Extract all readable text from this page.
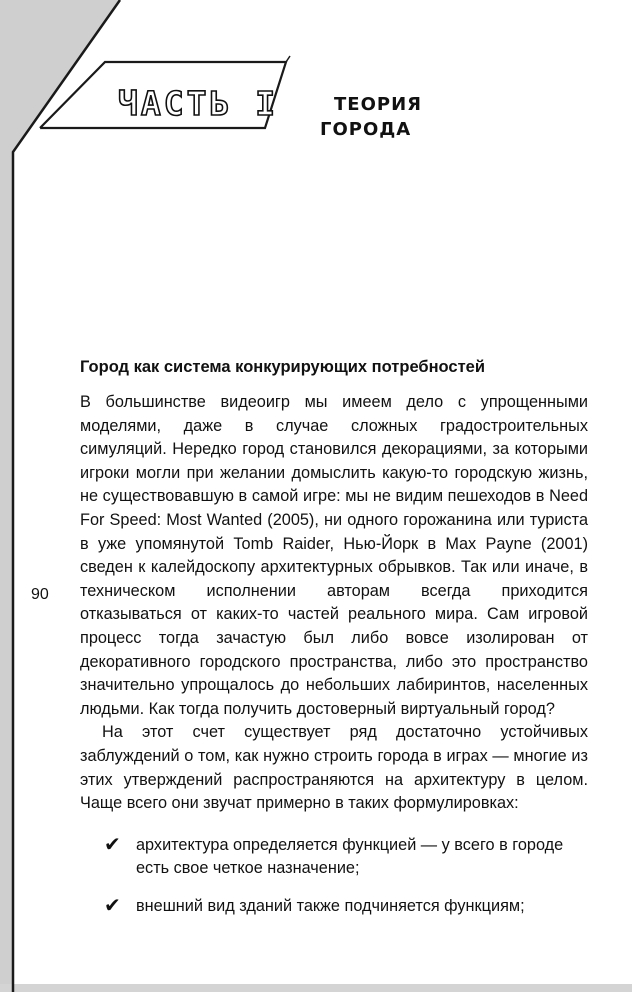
ЧАСТЬ I	ТЕОРИЯ
ГОРОДА
90
Город как система конкурирующих потребностей

В большинстве видеоигр мы имеем дело с упрощенными моделями, даже в случае сложных градостроительных симуляций. Нередко город становился декорациями, за которыми игроки могли при желании домыслить какую-то городскую жизнь, не существовавшую в самой игре: мы не видим пешеходов в Need For Speed: Most Wanted (2005), ни одного горожанина или туриста в уже упомянутой Tomb Raider, Нью-Йорк в Max Payne (2001) сведен к калейдоскопу архитектурных обрывков. Так или иначе, в техническом исполнении авторам всегда приходится отказываться от каких-то частей реального мира. Сам игровой процесс тогда зачастую был либо вовсе изолирован от декоративного городского пространства, либо это пространство значительно упрощалось до небольших лабиринтов, населенных людьми. Как тогда получить достоверный виртуальный город?

На этот счет существует ряд достаточно устойчивых заблуждений о том, как нужно строить города в играх — многие из этих утверждений распространяются на архитектуру в целом. Чаще всего они звучат примерно в таких формулировках:

✔ архитектура определяется функцией — у всего в городе есть свое четкое назначение;
✔ внешний вид зданий также подчиняется функциям;
